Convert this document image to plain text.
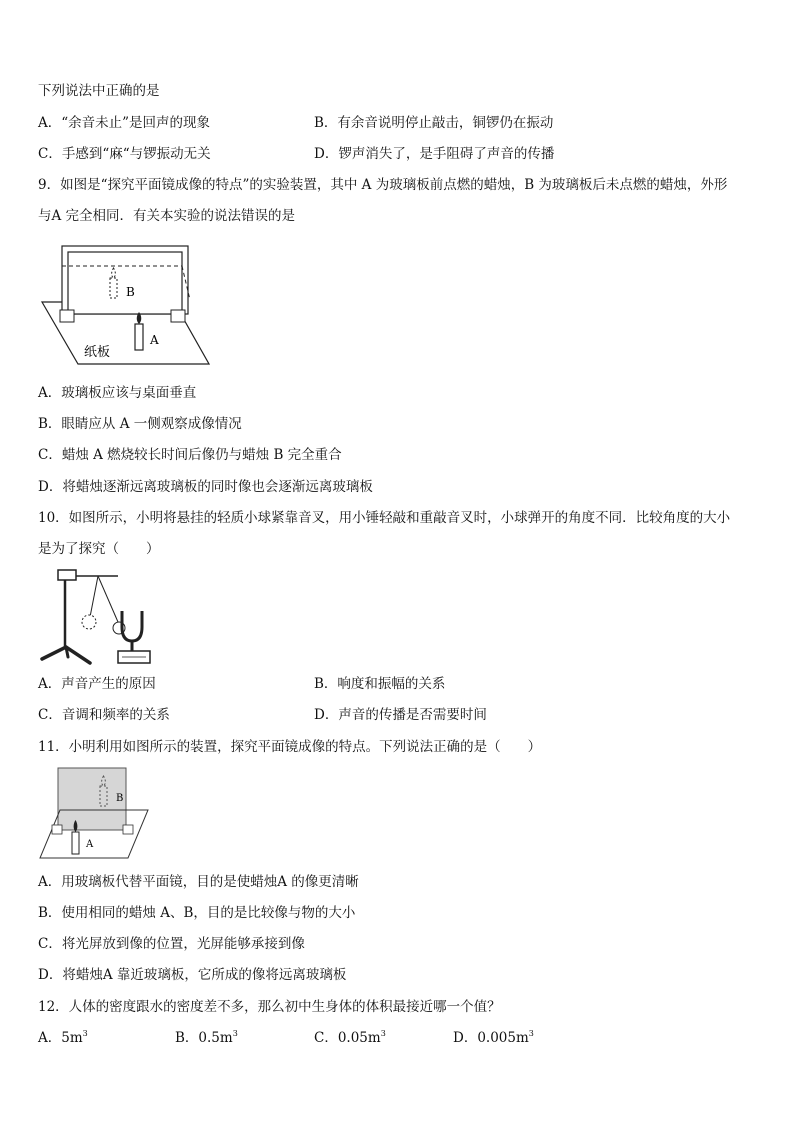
下列说法中正确的是
A．“余音未止”是回声的现象	B．有余音说明停止敲击，铜锣仍在振动
C．手感到“麻“与锣振动无关	D．锣声消失了，是手阻碍了声音的传播
9．如图是“探究平面镜成像的特点”的实验装置，其中 A 为玻璃板前点燃的蜡烛，B 为玻璃板后未点燃的蜡烛，外形
与A 完全相同．有关本实验的说法错误的是
B
A
纸板
A．玻璃板应该与桌面垂直
B．眼睛应从 A 一侧观察成像情况
C．蜡烛 A 燃烧较长时间后像仍与蜡烛 B 完全重合
D．将蜡烛逐渐远离玻璃板的同时像也会逐渐远离玻璃板
10．如图所示，小明将悬挂的轻质小球紧靠音叉，用小锤轻敲和重敲音叉时，小球弹开的角度不同．比较角度的大小
是为了探究（　　）
A．声音产生的原因	B．响度和振幅的关系
C．音调和频率的关系	D．声音的传播是否需要时间
11．小明利用如图所示的装置，探究平面镜成像的特点。下列说法正确的是（　　）
B
A
A．用玻璃板代替平面镜，目的是使蜡烛A 的像更清晰
B．使用相同的蜡烛 A、B，目的是比较像与物的大小
C．将光屏放到像的位置，光屏能够承接到像
D．将蜡烛A 靠近玻璃板，它所成的像将远离玻璃板
12．人体的密度跟水的密度差不多，那么初中生身体的体积最接近哪一个值？
A．$5m^3$	B．$0.5m^3$	C．$0.05m^3$	D．$0.005m^3$
